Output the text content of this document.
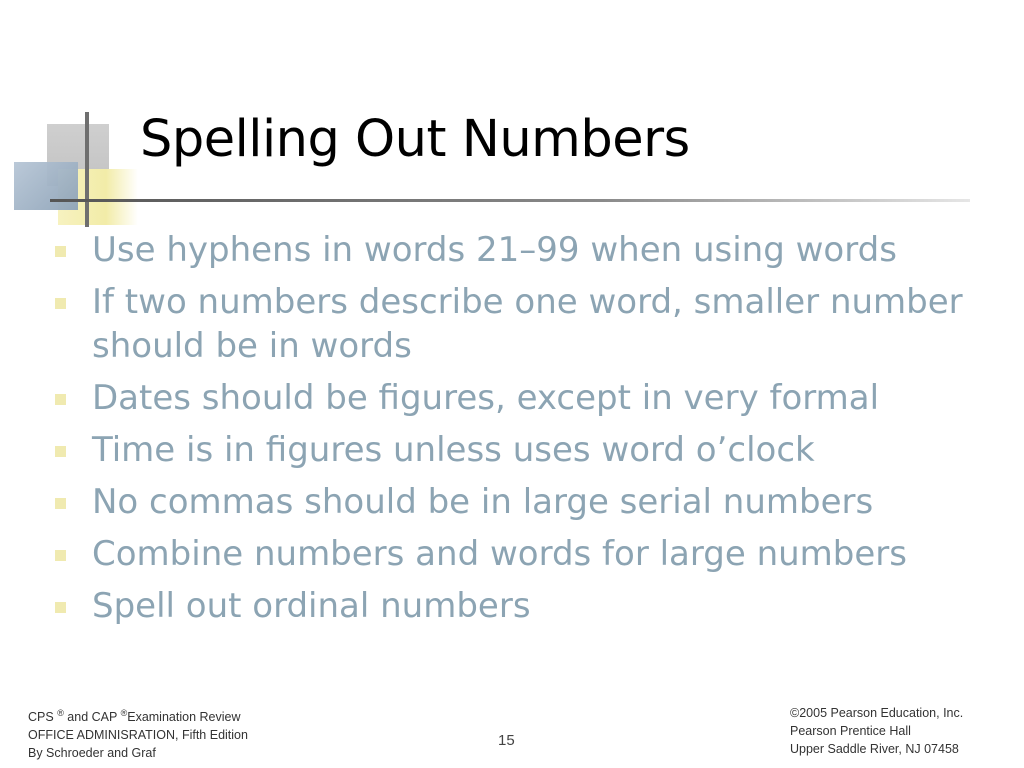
Spelling Out Numbers
Use hyphens in words 21–99 when using words
If two numbers describe one word, smaller number should be in words
Dates should be figures, except in very formal
Time is in figures unless uses word o’clock
No commas should be in large serial numbers
Combine numbers and words for large numbers
Spell out ordinal numbers
CPS ® and CAP ®Examination Review
OFFICE ADMINISRATION, Fifth Edition
By Schroeder and Graf
15
©2005 Pearson Education, Inc.
Pearson Prentice Hall
Upper Saddle River, NJ 07458
